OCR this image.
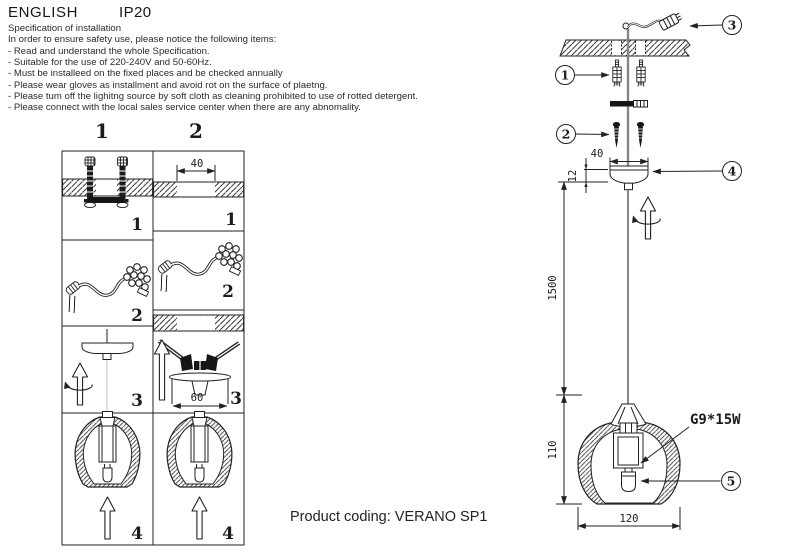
ENGLISH	IP20
Specification of installation
In order to ensure safety use, please notice the following items:
- Read and understand the whole Specification.
- Suitable for the use of 220-240V and 50-60Hz.
- Must be installeed on the fixed places and be checked annually
- Please wear gloves as installment and avoid rot on the surface of plaetng.
- Please tum off the lighitng source by soft cloth as cleaning prohibited to use of rotted detergent.
- Please connect with the local sales service center when there are any abnomality.
1	2
1
40
1
2
2
3	60 3
4	4
40
12
1500
110
G9*15W
120
1
2
3
4
5
Product coding: VERANO SP1
